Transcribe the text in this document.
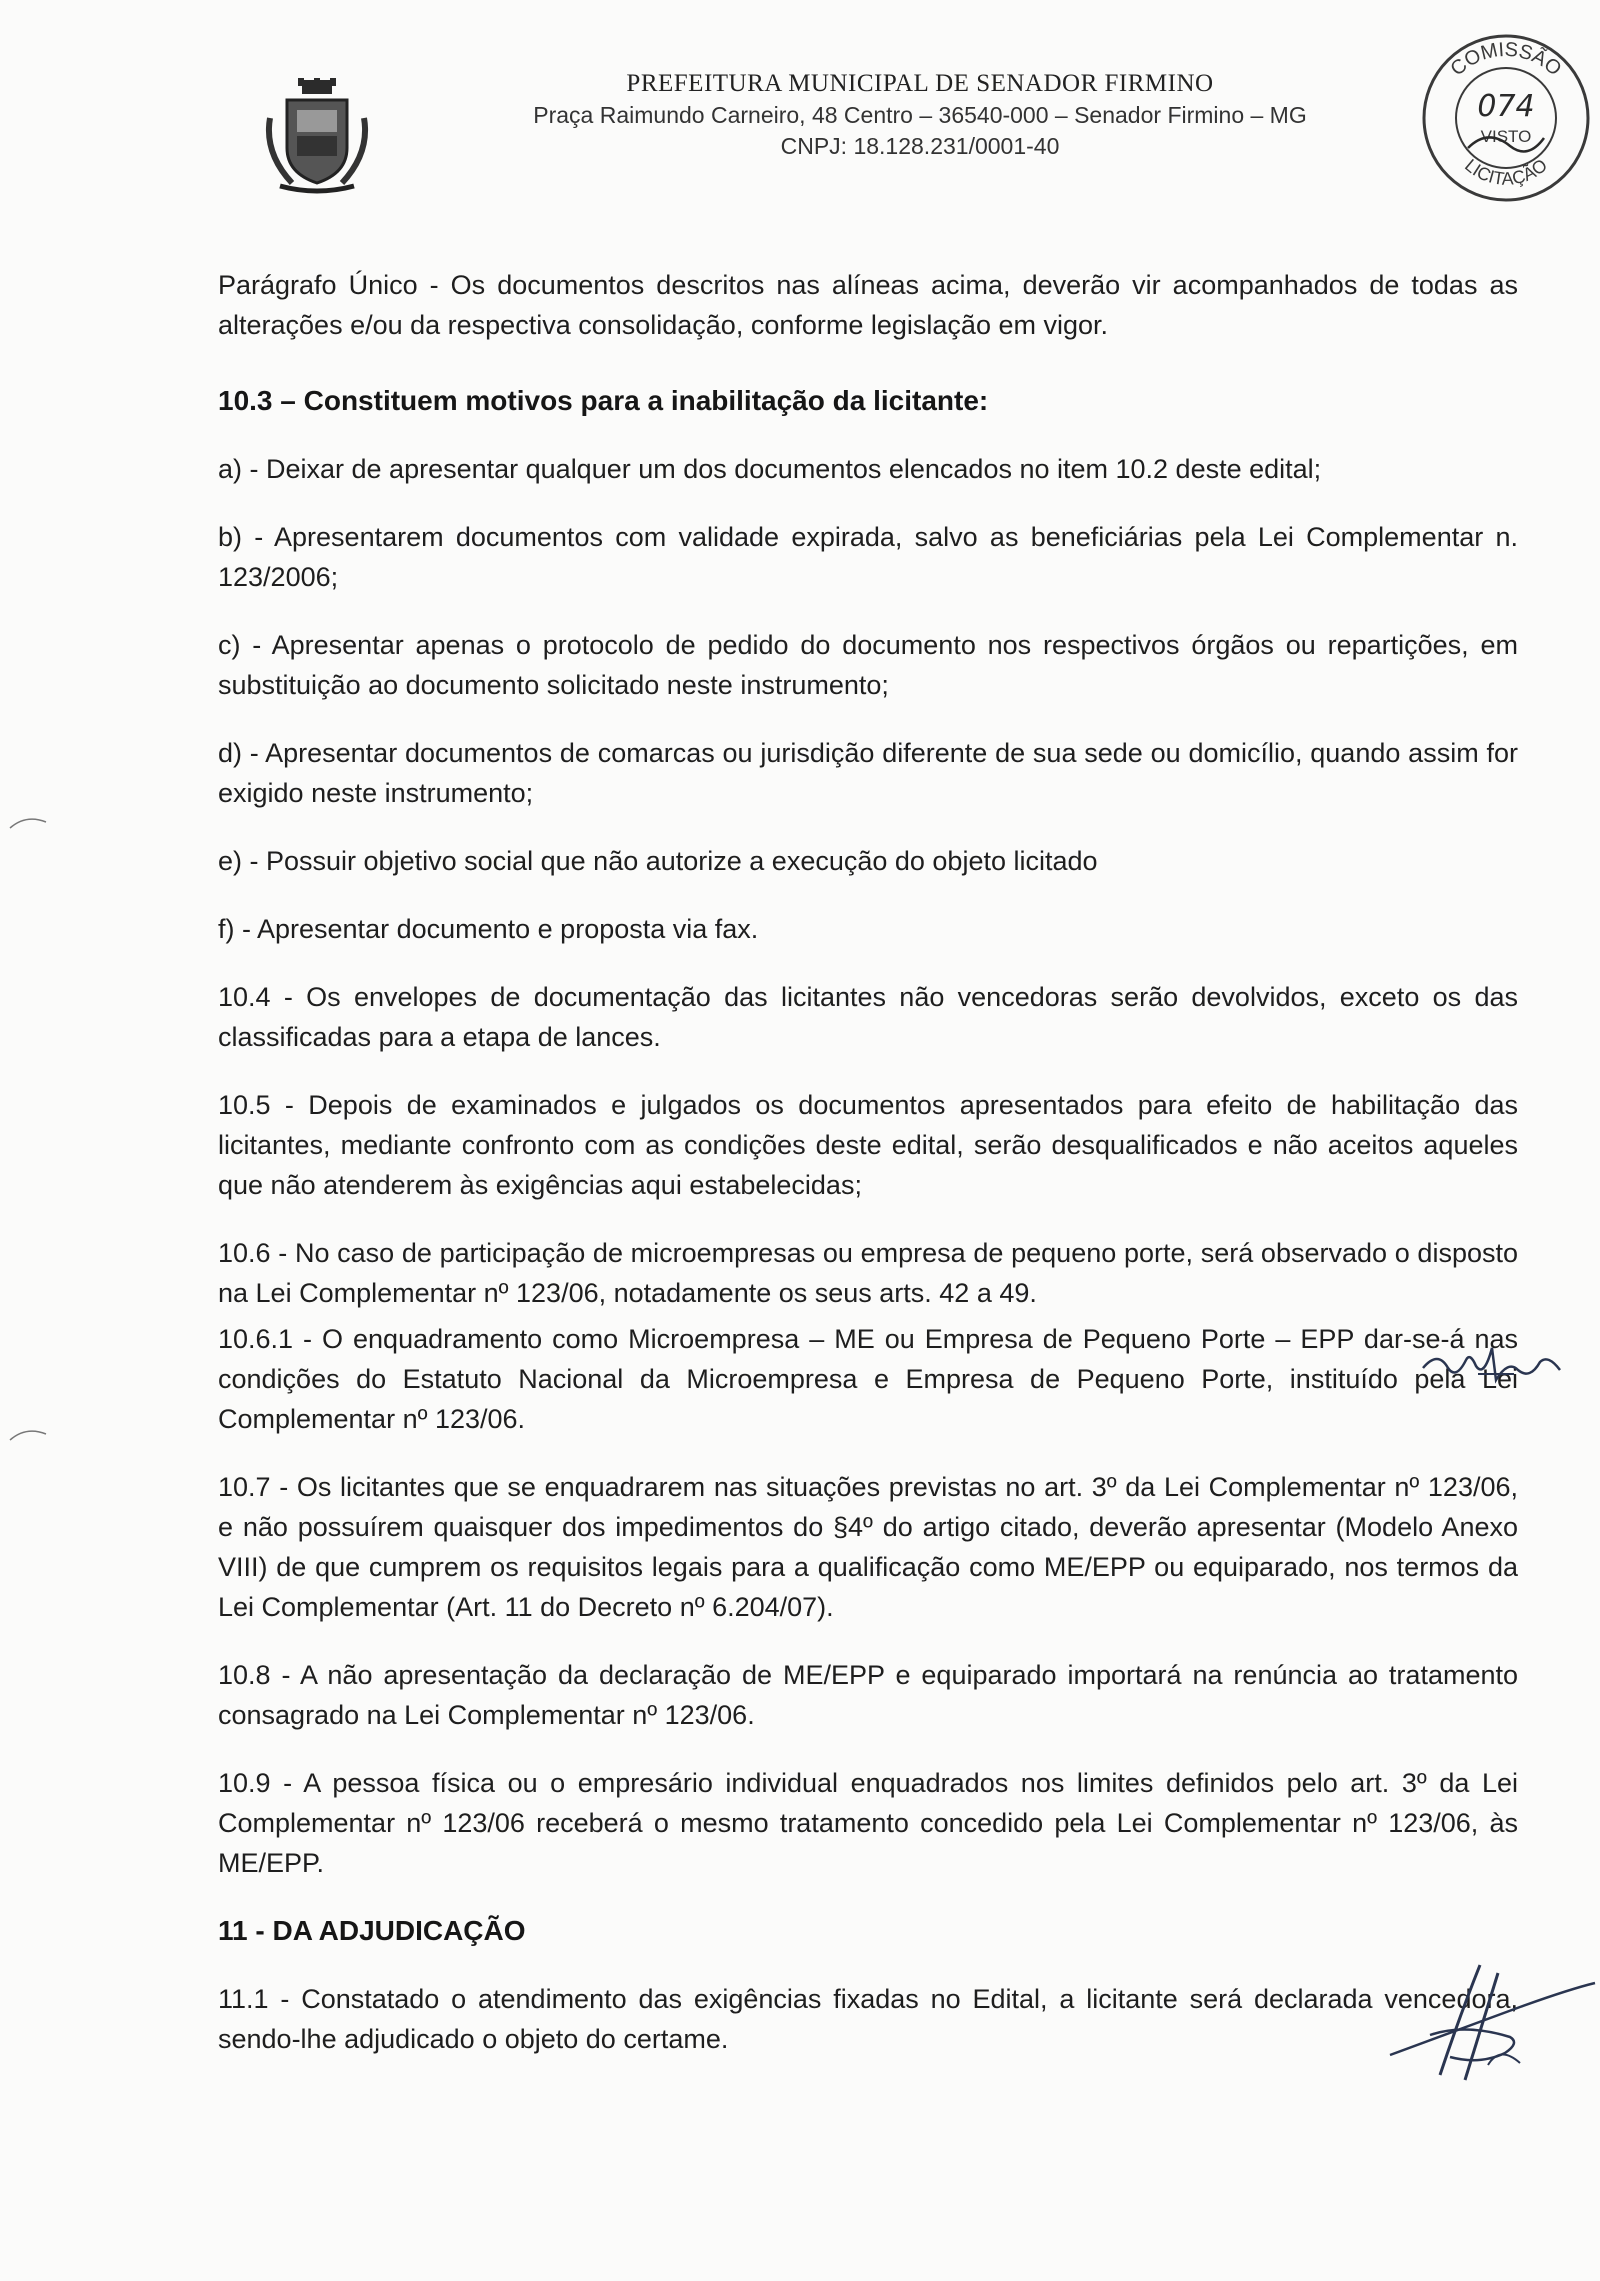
PREFEITURA MUNICIPAL DE SENADOR FIRMINO

Praça Raimundo Carneiro, 48 Centro – 36540-000 – Senador Firmino – MG

CNPJ: 18.128.231/0001-40

COMISSÃO
LICITAÇÃO
074
VISTO

Parágrafo Único - Os documentos descritos nas alíneas acima, deverão vir acompanhados de todas as alterações e/ou da respectiva consolidação, conforme legislação em vigor.

10.3 – Constituem motivos para a inabilitação da licitante:

a) - Deixar de apresentar qualquer um dos documentos elencados no item 10.2 deste edital;

b) - Apresentarem documentos com validade expirada, salvo as beneficiárias pela Lei Complementar n. 123/2006;

c) - Apresentar apenas o protocolo de pedido do documento nos respectivos órgãos ou repartições, em substituição ao documento solicitado neste instrumento;

d) - Apresentar documentos de comarcas ou jurisdição diferente de sua sede ou domicílio, quando assim for exigido neste instrumento;

e) - Possuir objetivo social que não autorize a execução do objeto licitado

f) - Apresentar documento e proposta via fax.

10.4 - Os envelopes de documentação das licitantes não vencedoras serão devolvidos, exceto os das classificadas para a etapa de lances.

10.5 - Depois de examinados e julgados os documentos apresentados para efeito de habilitação das licitantes, mediante confronto com as condições deste edital, serão desqualificados e não aceitos aqueles que não atenderem às exigências aqui estabelecidas;

10.6 - No caso de participação de microempresas ou empresa de pequeno porte, será observado o disposto na Lei Complementar nº 123/06, notadamente os seus arts. 42 a 49.

10.6.1 - O enquadramento como Microempresa – ME ou Empresa de Pequeno Porte – EPP dar-se-á nas condições do Estatuto Nacional da Microempresa e Empresa de Pequeno Porte, instituído pela Lei Complementar nº 123/06.

10.7 - Os licitantes que se enquadrarem nas situações previstas no art. 3º da Lei Complementar nº 123/06, e não possuírem quaisquer dos impedimentos do §4º do artigo citado, deverão apresentar (Modelo Anexo VIII) de que cumprem os requisitos legais para a qualificação como ME/EPP ou equiparado, nos termos da Lei Complementar (Art. 11 do Decreto nº 6.204/07).

10.8 - A não apresentação da declaração de ME/EPP e equiparado importará na renúncia ao tratamento consagrado na Lei Complementar nº 123/06.

10.9 - A pessoa física ou o empresário individual enquadrados nos limites definidos pelo art. 3º da Lei Complementar nº 123/06 receberá o mesmo tratamento concedido pela Lei Complementar nº 123/06, às ME/EPP.

11 - DA ADJUDICAÇÃO

11.1 - Constatado o atendimento das exigências fixadas no Edital, a licitante será declarada vencedora, sendo-lhe adjudicado o objeto do certame.
